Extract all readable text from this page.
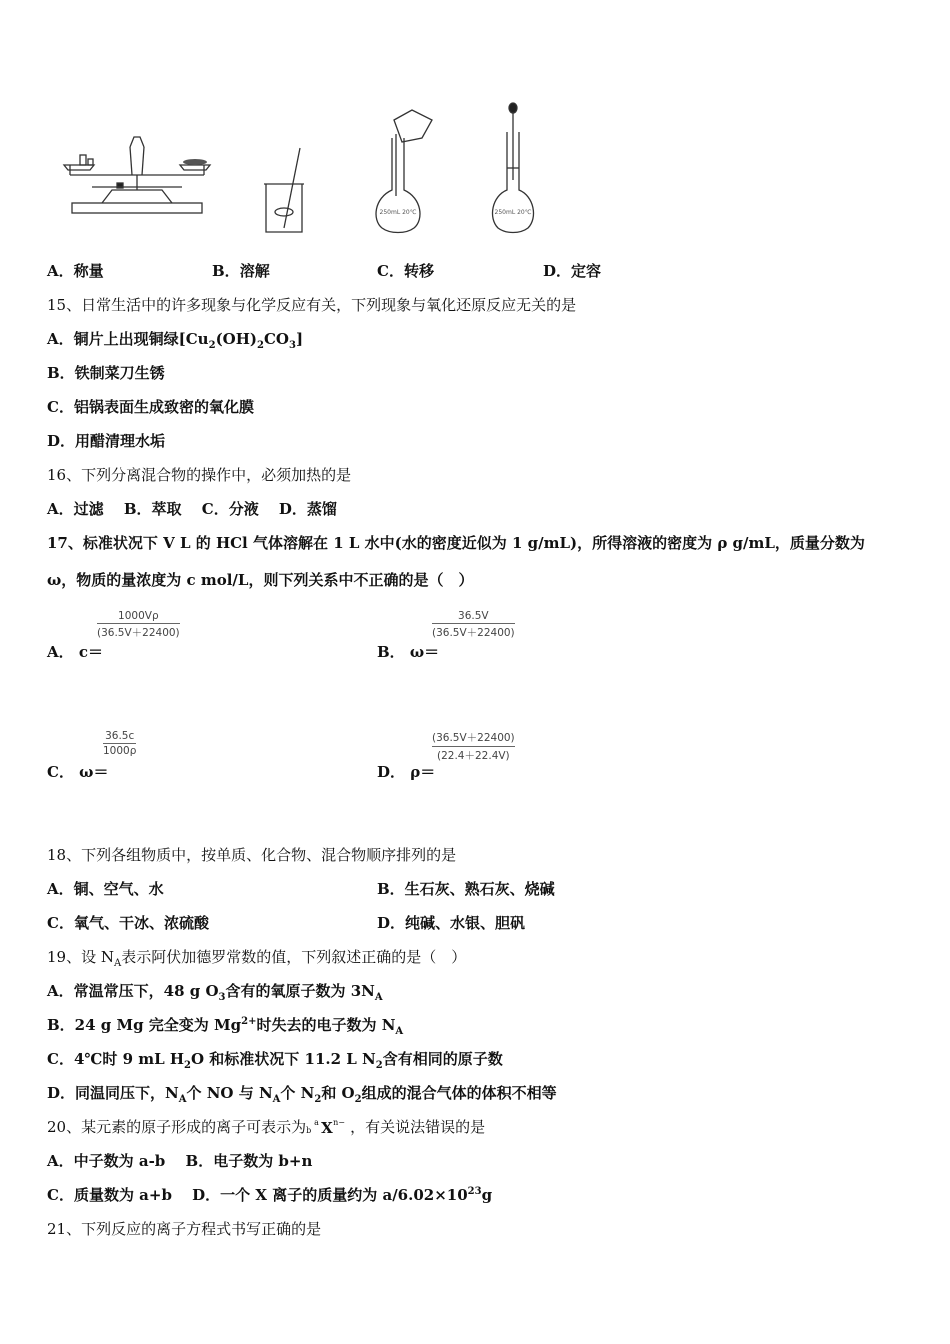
250mL 20℃	250mL 20℃
A．称量	B．溶解	C．转移	D．定容
15、日常生活中的许多现象与化学反应有关，下列现象与氧化还原反应无关的是
A．铜片上出现铜绿$[Cu_2(OH)_2CO_3]$
B．铁制菜刀生锈
C．铝锅表面生成致密的氧化膜
D．用醋清理水垢
16、下列分离混合物的操作中，必须加热的是
A．过滤　 B．萃取　 C．分液　 D．蒸馏
17、标准状况下 V L 的 HCl 气体溶解在 1 L 水中(水的密度近似为 1 g/mL)，所得溶液的密度为 ρ g/mL，质量分数为
ω，物质的量浓度为 c mol/L，则下列关系中不正确的是（　）
A． c＝
$\frac{1000V\rho}{(36.5V+22400)}$
B． ω＝
$\frac{36.5V}{(36.5V+22400)}$
C． ω＝
$\frac{36.5c}{1000\rho}$
D． ρ＝
$\frac{(36.5V+22400)}{(22.4+22.4V)}$
18、下列各组物质中，按单质、化合物、混合物顺序排列的是
A．铜、空气、水	B．生石灰、熟石灰、烧碱
C．氧气、干冰、浓硫酸	D．纯碱、水银、胆矾
19、设 $N_A$表示阿伏加德罗常数的值，下列叙述正确的是（　）
A．常温常压下，48 g $O_3$含有的氧原子数为 $3N_A$
B．24 g Mg 完全变为 $Mg^{2+}$时失去的电子数为 $N_A$
C．4℃时 9 mL $H_2O$ 和标准状况下 11.2 L $N_2$含有相同的原子数
D．同温同压下，$N_A$个 NO 与 $N_A$个 $N_2$和 $O_2$组成的混合气体的体积不相等
20、某元素的原子形成的离子可表示为 b
a X n− ，有关说法错误的是
A．中子数为 a-b　 B．电子数为 b+n
C．质量数为 a+b　 D．一个 X 离子的质量约为 $a/6.02\times 10^{23}g$
21、下列反应的离子方程式书写正确的是
